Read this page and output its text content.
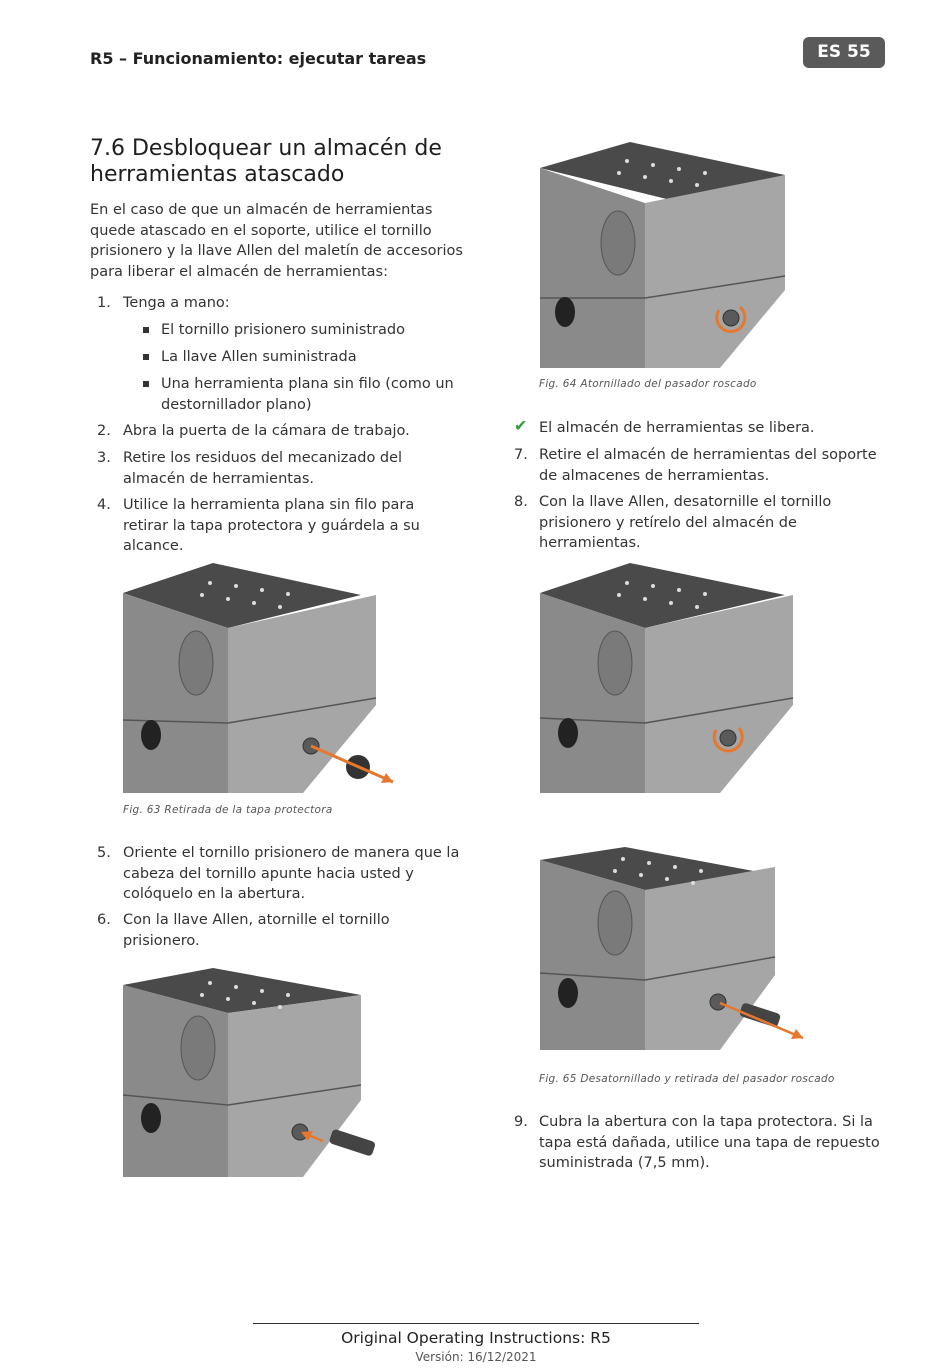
R5 – Funcionamiento: ejecutar tareas	ES 55
7.6 Desbloquear un almacén de herramientas atascado
En el caso de que un almacén de herramientas quede atascado en el soporte, utilice el tornillo prisionero y la llave Allen del maletín de accesorios para liberar el almacén de herramientas:
1. Tenga a mano:
El tornillo prisionero suministrado
La llave Allen suministrada
Una herramienta plana sin filo (como un destornillador plano)
2. Abra la puerta de la cámara de trabajo.
3. Retire los residuos del mecanizado del almacén de herramientas.
4. Utilice la herramienta plana sin filo para retirar la tapa protectora y guárdela a su alcance.
Fig. 64 Atornillado del pasador roscado
✔ El almacén de herramientas se libera.
7. Retire el almacén de herramientas del soporte de almacenes de herramientas.
8. Con la llave Allen, desatornille el tornillo prisionero y retírelo del almacén de herramientas.
Fig. 63 Retirada de la tapa protectora
5. Oriente el tornillo prisionero de manera que la cabeza del tornillo apunte hacia usted y colóquelo en la abertura.
6. Con la llave Allen, atornille el tornillo prisionero.
Fig. 65 Desatornillado y retirada del pasador roscado
9. Cubra la abertura con la tapa protectora. Si la tapa está dañada, utilice una tapa de repuesto suministrada (7,5 mm).
Original Operating Instructions: R5
Versión: 16/12/2021
